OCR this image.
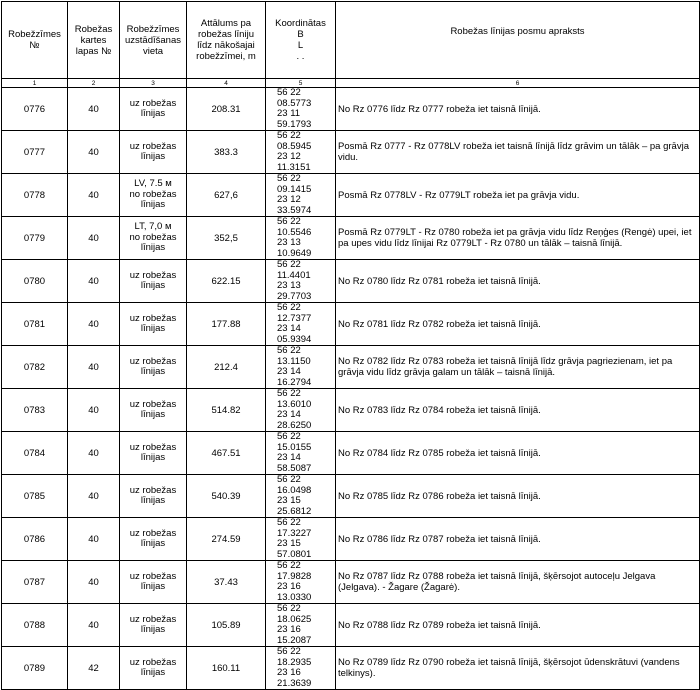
Robežzīmes
№	Robežas
kartes
lapas №	Robežzīmes
uzstādīšanas
vieta	Attālums pa
robežas līniju
līdz nākošajai
robežzīmei, m	Koordinātas
B
L
. .	Robežas līnijas posmu apraksts
1	2	3	4	5	6
0776	40	uz robežas
līnijas	208.31	56 22 08.5773
23 11 59.1793	No Rz 0776 līdz Rz 0777 robeža iet taisnā līnijā.
0777	40	uz robežas
līnijas	383.3	56 22 08.5945
23 12 11.3151	Posmā Rz 0777 - Rz 0778LV robeža iet taisnā līnijā līdz grāvim un tālāk – pa grāvja vidu.
0778	40	LV, 7.5 м
no robežas
līnijas	627,6	56 22 09.1415
23 12 33.5974	Posmā Rz 0778LV - Rz 0779LT robeža iet pa grāvja vidu.
0779	40	LT, 7,0 м
no robežas
līnijas	352,5	56 22 10.5546
23 13 10.9649	Posmā Rz 0779LT - Rz 0780 robeža iet pa grāvja vidu līdz Reņģes (Rengė) upei, iet pa upes vidu līdz līnijai Rz 0779LT - Rz 0780 un tālāk – taisnā līnijā.
0780	40	uz robežas
līnijas	622.15	56 22 11.4401
23 13 29.7703	No Rz 0780 līdz Rz 0781 robeža iet taisnā līnijā.
0781	40	uz robežas
līnijas	177.88	56 22 12.7377
23 14 05.9394	No Rz 0781 līdz Rz 0782 robeža iet taisnā līnijā.
0782	40	uz robežas
līnijas	212.4	56 22 13.1150
23 14 16.2794	No Rz 0782 līdz Rz 0783 robeža iet taisnā līnijā līdz grāvja pagriezienam, iet pa grāvja vidu līdz grāvja galam un tālāk – taisnā līnijā.
0783	40	uz robežas
līnijas	514.82	56 22 13.6010
23 14 28.6250	No Rz 0783 līdz Rz 0784 robeža iet taisnā līnijā.
0784	40	uz robežas
līnijas	467.51	56 22 15.0155
23 14 58.5087	No Rz 0784 līdz Rz 0785 robeža iet taisnā līnijā.
0785	40	uz robežas
līnijas	540.39	56 22 16.0498
23 15 25.6812	No Rz 0785 līdz Rz 0786 robeža iet taisnā līnijā.
0786	40	uz robežas
līnijas	274.59	56 22 17.3227
23 15 57.0801	No Rz 0786 līdz Rz 0787 robeža iet taisnā līnijā.
0787	40	uz robežas
līnijas	37.43	56 22 17.9828
23 16 13.0330	No Rz 0787 līdz Rz 0788 robeža iet taisnā līnijā, šķērsojot autoceļu Jelgava (Jelgava). - Žagare (Žagarė).
0788	40	uz robežas
līnijas	105.89	56 22 18.0625
23 16 15.2087	No Rz 0788 līdz Rz 0789 robeža iet taisnā līnijā.
0789	42	uz robežas
līnijas	160.11	56 22 18.2935
23 16 21.3639	No Rz 0789 līdz Rz 0790 robeža iet taisnā līnijā, šķērsojot ūdenskrātuvi (vandens telkinys).
